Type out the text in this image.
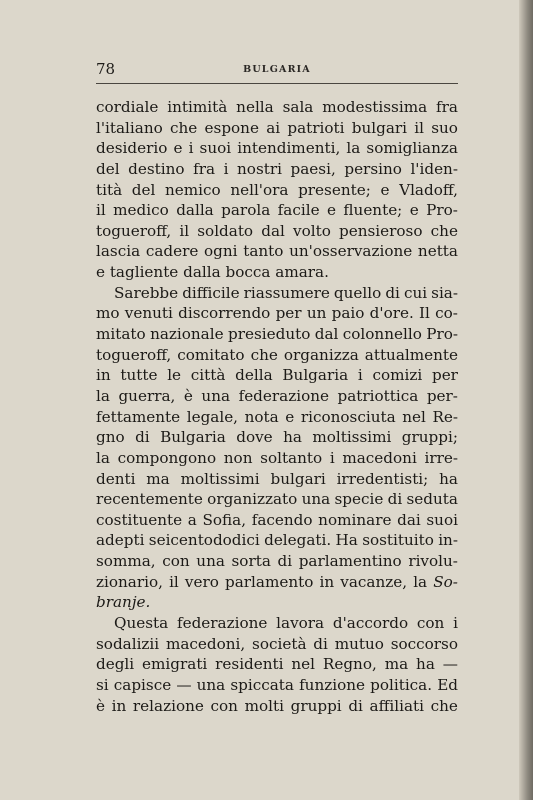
78	BULGARIA
cordiale intimità nella sala modestissima fra
l'italiano che espone ai patrioti bulgari il suo
desiderio e i suoi intendimenti, la somiglianza
del destino fra i nostri paesi, persino l'iden-
tità del nemico nell'ora presente; e Vladoff,
il medico dalla parola facile e fluente; e Pro-
togueroff, il soldato dal volto pensieroso che
lascia cadere ogni tanto un'osservazione netta
e tagliente dalla bocca amara.
Sarebbe difficile riassumere quello di cui sia-
mo venuti discorrendo per un paio d'ore. Il co-
mitato nazionale presieduto dal colonnello Pro-
togueroff, comitato che organizza attualmente
in tutte le città della Bulgaria i comizi per
la guerra, è una federazione patriottica per-
fettamente legale, nota e riconosciuta nel Re-
gno di Bulgaria dove ha moltissimi gruppi;
la compongono non soltanto i macedoni irre-
denti ma moltissimi bulgari irredentisti; ha
recentemente organizzato una specie di seduta
costituente a Sofia, facendo nominare dai suoi
adepti seicentododici delegati. Ha sostituito in-
somma, con una sorta di parlamentino rivolu-
zionario, il vero parlamento in vacanze, la So-
branje.
Questa federazione lavora d'accordo con i
sodalizii macedoni, società di mutuo soccorso
degli emigrati residenti nel Regno, ma ha —
si capisce — una spiccata funzione politica. Ed
è in relazione con molti gruppi di affiliati che
